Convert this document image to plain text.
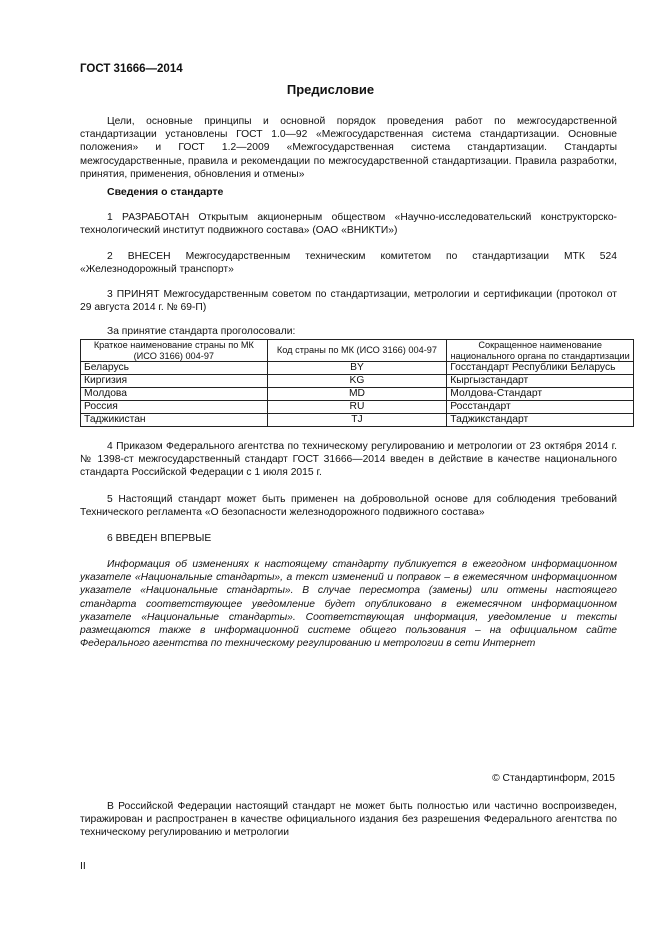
ГОСТ 31666—2014
Предисловие
Цели, основные принципы и основной порядок проведения работ по межгосударственной стандартизации установлены ГОСТ 1.0—92 «Межгосударственная система стандартизации. Основные положения» и ГОСТ 1.2—2009 «Межгосударственная система стандартизации. Стандарты межгосударственные, правила и рекомендации по межгосударственной стандартизации. Правила разработки, принятия, применения, обновления и отмены»
Сведения о стандарте
1 РАЗРАБОТАН Открытым акционерным обществом «Научно-исследовательский конструкторско-технологический институт подвижного состава» (ОАО «ВНИКТИ»)
2 ВНЕСЕН Межгосударственным техническим комитетом по стандартизации МТК 524 «Железнодорожный транспорт»
3 ПРИНЯТ Межгосударственным советом по стандартизации, метрологии и сертификации (протокол от 29 августа 2014 г. № 69-П)
За принятие стандарта проголосовали:
Краткое наименование страны по МК (ИСО 3166) 004-97	Код страны по МК (ИСО 3166) 004-97	Сокращенное наименование национального органа по стандартизации
Беларусь	BY	Госстандарт Республики Беларусь
Киргизия	KG	Кыргызстандарт
Молдова	MD	Молдова-Стандарт
Россия	RU	Росстандарт
Таджикистан	TJ	Таджикстандарт
4 Приказом Федерального агентства по техническому регулированию и метрологии от 23 октября 2014 г. № 1398-ст межгосударственный стандарт ГОСТ 31666—2014 введен в действие в качестве национального стандарта Российской Федерации с 1 июля 2015 г.
5 Настоящий стандарт может быть применен на добровольной основе для соблюдения требований Технического регламента «О безопасности железнодорожного подвижного состава»
6 ВВЕДЕН ВПЕРВЫЕ
Информация об изменениях к настоящему стандарту публикуется в ежегодном информационном указателе «Национальные стандарты», а текст изменений и поправок – в ежемесячном информационном указателе «Национальные стандарты». В случае пересмотра (замены) или отмены настоящего стандарта соответствующее уведомление будет опубликовано в ежемесячном информационном указателе «Национальные стандарты». Соответствующая информация, уведомление и тексты размещаются также в информационной системе общего пользования – на официальном сайте Федерального агентства по техническому регулированию и метрологии в сети Интернет
© Стандартинформ, 2015
В Российской Федерации настоящий стандарт не может быть полностью или частично воспроизведен, тиражирован и распространен в качестве официального издания без разрешения Федерального агентства по техническому регулированию и метрологии
II
